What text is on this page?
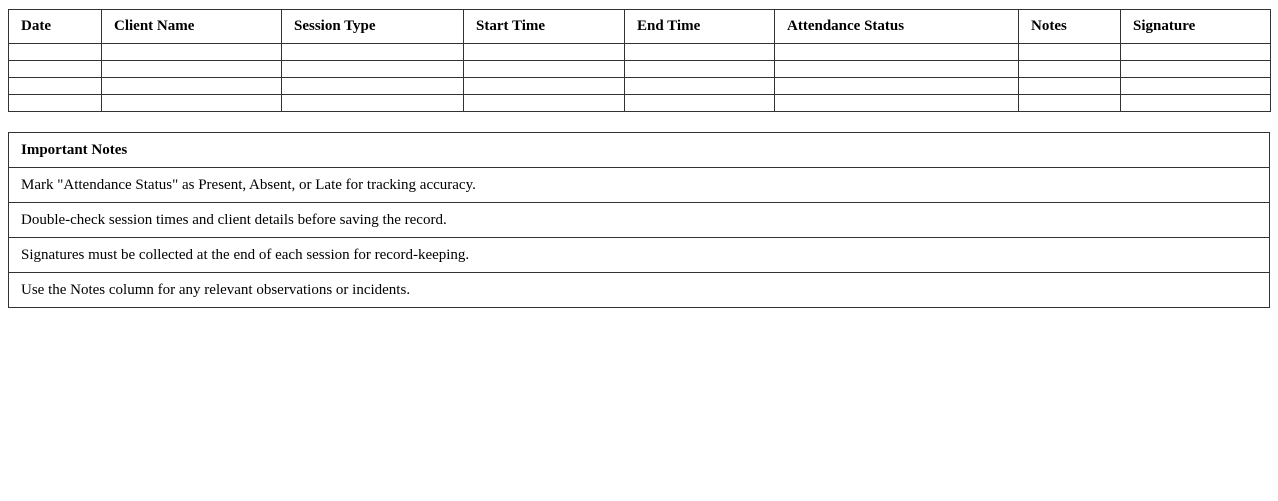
Date	Client Name	Session Type	Start Time	End Time	Attendance Status	Notes	Signature

Important Notes
Mark "Attendance Status" as Present, Absent, or Late for tracking accuracy.
Double-check session times and client details before saving the record.
Signatures must be collected at the end of each session for record-keeping.
Use the Notes column for any relevant observations or incidents.
